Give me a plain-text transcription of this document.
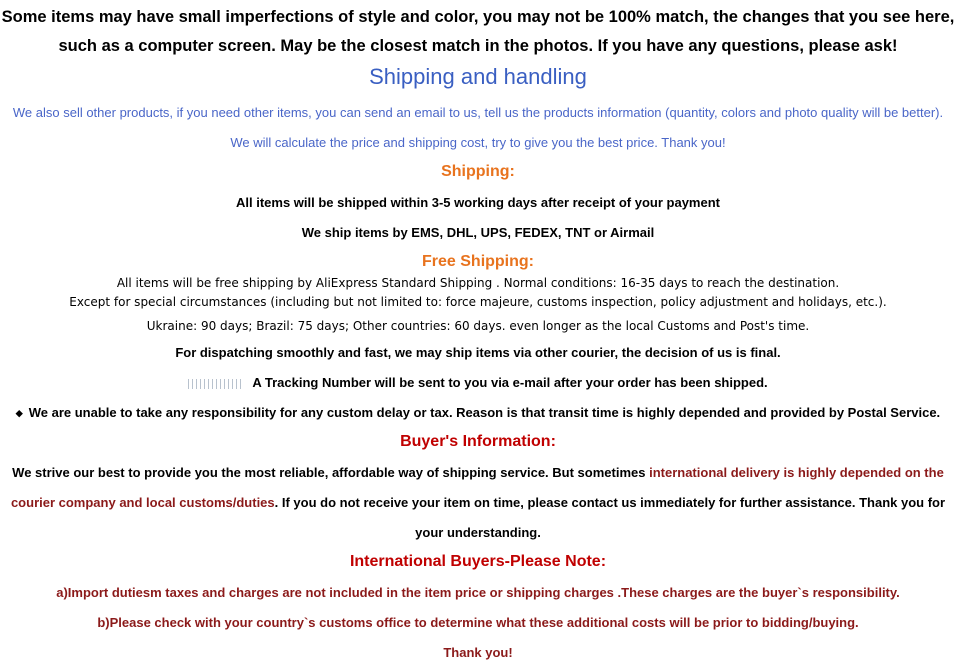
Some items may have small imperfections of style and color, you may not be 100% match, the changes that you see here,
such as a computer screen. May be the closest match in the photos. If you have any questions, please ask!
Shipping and handling
We also sell other products, if you need other items, you can send an email to us, tell us the products information (quantity, colors and photo quality will be better).
We will calculate the price and shipping cost, try to give you the best price. Thank you!
Shipping:
All items will be shipped within 3-5 working days after receipt of your payment
We ship items by EMS, DHL, UPS, FEDEX, TNT or Airmail
Free Shipping:
All items will be free shipping by AliExpress Standard Shipping . Normal conditions: 16-35 days to reach the destination.
Except for special circumstances (including but not limited to: force majeure, customs inspection, policy adjustment and holidays, etc.).
Ukraine: 90 days; Brazil: 75 days; Other countries: 60 days. even longer as the local Customs and Post's time.
For dispatching smoothly and fast, we may ship items via other courier, the decision of us is final.
A Tracking Number will be sent to you via e-mail after your order has been shipped.
◆ We are unable to take any responsibility for any custom delay or tax. Reason is that transit time is highly depended and provided by Postal Service.
Buyer's Information:
We strive our best to provide you the most reliable, affordable way of shipping service. But sometimes international delivery is highly depended on the
courier company and local customs/duties. If you do not receive your item on time, please contact us immediately for further assistance. Thank you for
your understanding.
International Buyers-Please Note:
a)Import dutiesm taxes and charges are not included in the item price or shipping charges .These charges are the buyer`s responsibility.
b)Please check with your country`s customs office to determine what these additional costs will be prior to bidding/buying.
Thank you!
